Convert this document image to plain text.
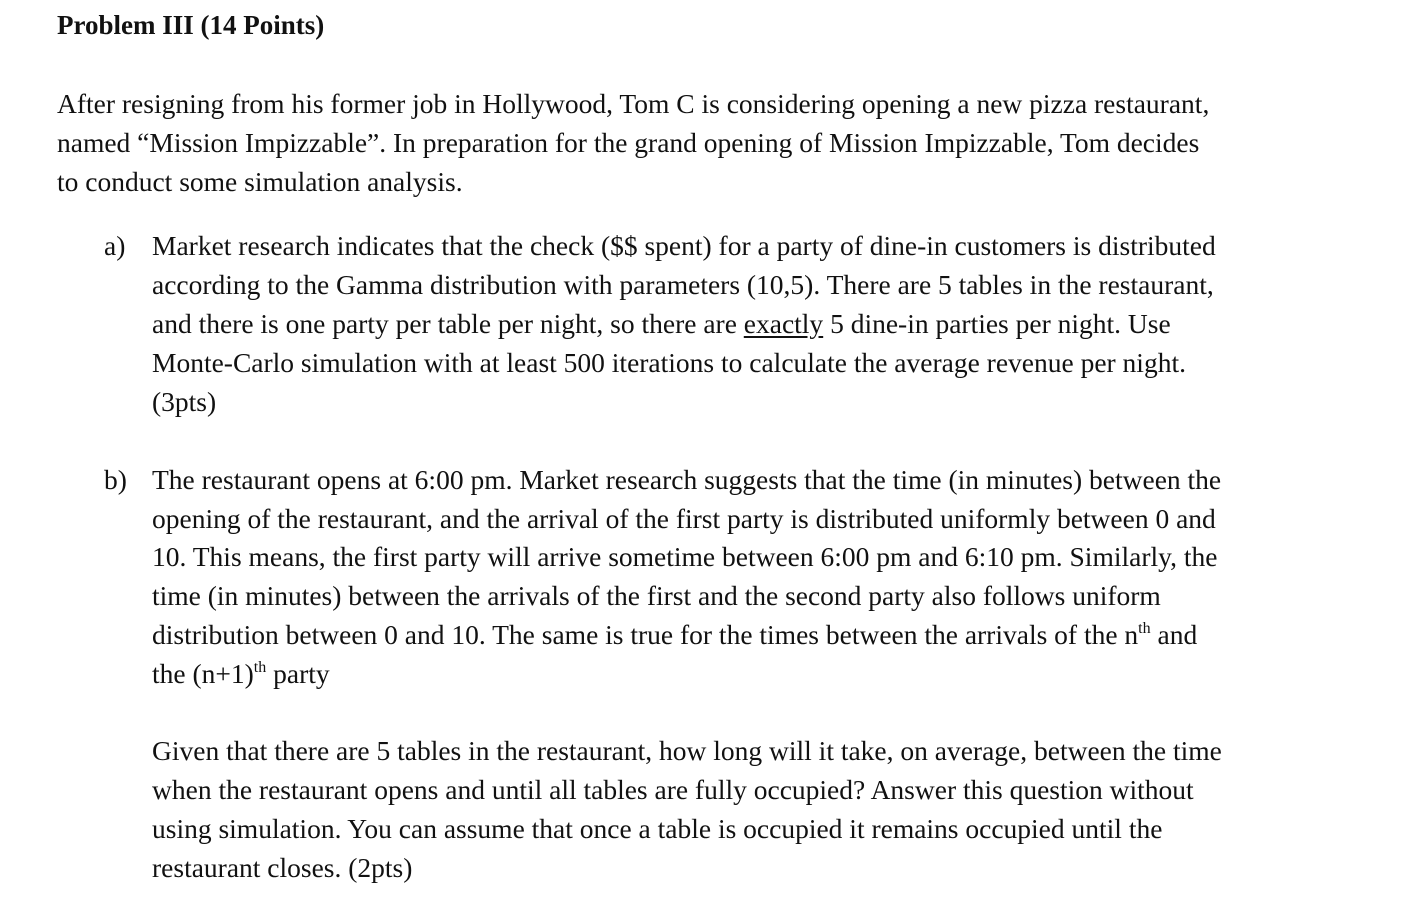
Problem III (14 Points)
After resigning from his former job in Hollywood, Tom C is considering opening a new pizza restaurant,
named “Mission Impizzable”. In preparation for the grand opening of Mission Impizzable, Tom decides
to conduct some simulation analysis.
a) Market research indicates that the check ($$ spent) for a party of dine-in customers is distributed
according to the Gamma distribution with parameters (10,5). There are 5 tables in the restaurant,
and there is one party per table per night, so there are exactly 5 dine-in parties per night. Use
Monte-Carlo simulation with at least 500 iterations to calculate the average revenue per night.
(3pts)
b) The restaurant opens at 6:00 pm. Market research suggests that the time (in minutes) between the
opening of the restaurant, and the arrival of the first party is distributed uniformly between 0 and
10. This means, the first party will arrive sometime between 6:00 pm and 6:10 pm. Similarly, the
time (in minutes) between the arrivals of the first and the second party also follows uniform
distribution between 0 and 10. The same is true for the times between the arrivals of the $n^{th}$ and
the $(n+1)^{th}$ party
Given that there are 5 tables in the restaurant, how long will it take, on average, between the time
when the restaurant opens and until all tables are fully occupied? Answer this question without
using simulation. You can assume that once a table is occupied it remains occupied until the
restaurant closes. (2pts)
